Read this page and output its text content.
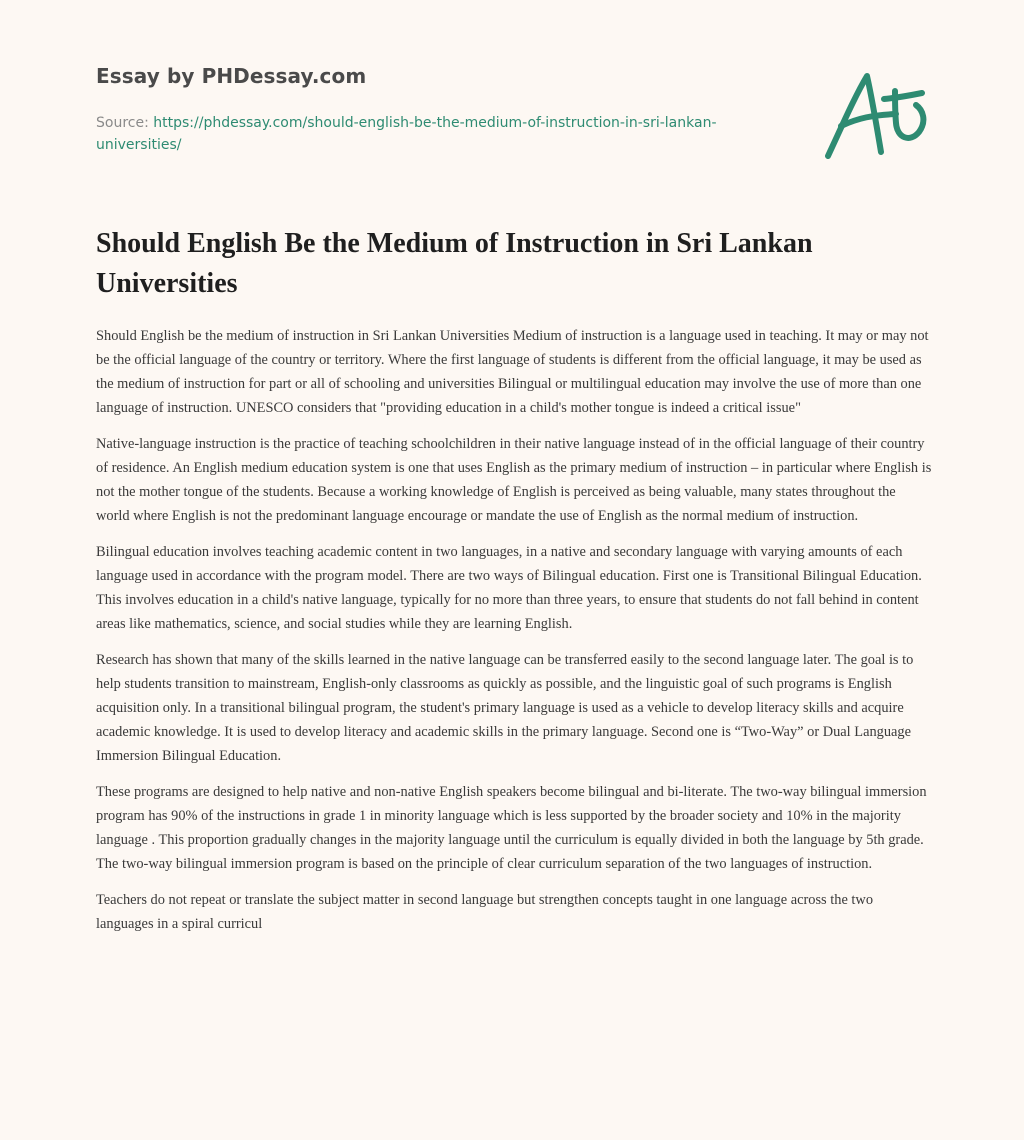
Essay by PHDessay.com
Source: https://phdessay.com/should-english-be-the-medium-of-instruction-in-sri-lankan-universities/
Should English Be the Medium of Instruction in Sri Lankan Universities

Should English be the medium of instruction in Sri Lankan Universities Medium of instruction is a language used in teaching. It may or may not be the official language of the country or territory. Where the first language of students is different from the official language, it may be used as the medium of instruction for part or all of schooling and universities Bilingual or multilingual education may involve the use of more than one language of instruction. UNESCO considers that "providing education in a child's mother tongue is indeed a critical issue"

Native-language instruction is the practice of teaching schoolchildren in their native language instead of in the official language of their country of residence. An English medium education system is one that uses English as the primary medium of instruction – in particular where English is not the mother tongue of the students. Because a working knowledge of English is perceived as being valuable, many states throughout the world where English is not the predominant language encourage or mandate the use of English as the normal medium of instruction.

Bilingual education involves teaching academic content in two languages, in a native and secondary language with varying amounts of each language used in accordance with the program model. There are two ways of Bilingual education. First one is Transitional Bilingual Education. This involves education in a child's native language, typically for no more than three years, to ensure that students do not fall behind in content areas like mathematics, science, and social studies while they are learning English.

Research has shown that many of the skills learned in the native language can be transferred easily to the second language later. The goal is to help students transition to mainstream, English-only classrooms as quickly as possible, and the linguistic goal of such programs is English acquisition only. In a transitional bilingual program, the student's primary language is used as a vehicle to develop literacy skills and acquire academic knowledge. It is used to develop literacy and academic skills in the primary language. Second one is “Two-Way” or Dual Language Immersion Bilingual Education.

These programs are designed to help native and non-native English speakers become bilingual and bi-literate. The two-way bilingual immersion program has 90% of the instructions in grade 1 in minority language which is less supported by the broader society and 10% in the majority language . This proportion gradually changes in the majority language until the curriculum is equally divided in both the language by 5th grade. The two-way bilingual immersion program is based on the principle of clear curriculum separation of the two languages of instruction.

Teachers do not repeat or translate the subject matter in second language but strengthen concepts taught in one language across the two languages in a spiral curricul
